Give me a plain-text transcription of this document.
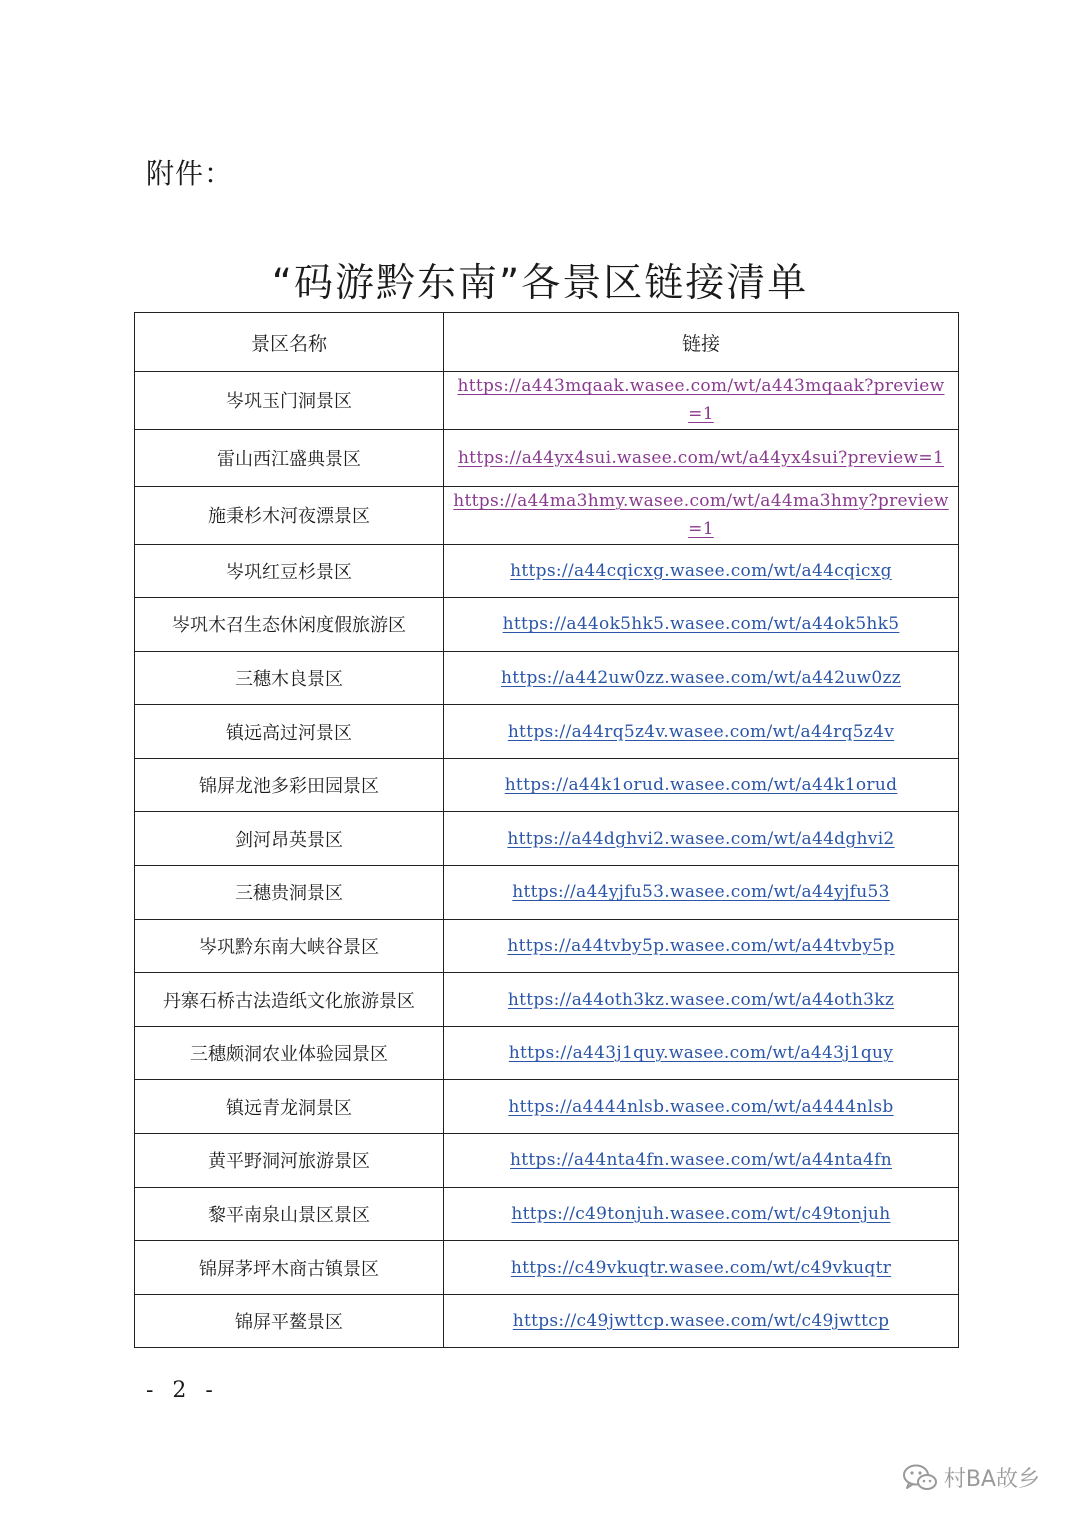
附件：

“码游黔东南”各景区链接清单
景区名称	链接
岑巩玉门洞景区	https://a443mqaak.wasee.com/wt/a443mqaak?preview=1

雷山西江盛典景区	https://a44yx4sui.wasee.com/wt/a44yx4sui?preview=1

施秉杉木河夜漂景区	https://a44ma3hmy.wasee.com/wt/a44ma3hmy?preview=1

岑巩红豆杉景区	https://a44cqicxg.wasee.com/wt/a44cqicxg
岑巩木召生态休闲度假旅游区	https://a44ok5hk5.wasee.com/wt/a44ok5hk5
三穗木良景区	https://a442uw0zz.wasee.com/wt/a442uw0zz
镇远高过河景区	https://a44rq5z4v.wasee.com/wt/a44rq5z4v
锦屏龙池多彩田园景区	https://a44k1orud.wasee.com/wt/a44k1orud
剑河昂英景区	https://a44dghvi2.wasee.com/wt/a44dghvi2
三穗贵洞景区	https://a44yjfu53.wasee.com/wt/a44yjfu53
岑巩黔东南大峡谷景区	https://a44tvby5p.wasee.com/wt/a44tvby5p
丹寨石桥古法造纸文化旅游景区	https://a44oth3kz.wasee.com/wt/a44oth3kz
三穗颇洞农业体验园景区	https://a443j1quy.wasee.com/wt/a443j1quy
镇远青龙洞景区	https://a4444nlsb.wasee.com/wt/a4444nlsb
黄平野洞河旅游景区	https://a44nta4fn.wasee.com/wt/a44nta4fn
黎平南泉山景区景区	https://c49tonjuh.wasee.com/wt/c49tonjuh
锦屏茅坪木商古镇景区	https://c49vkuqtr.wasee.com/wt/c49vkuqtr
锦屏平鳌景区	https://c49jwttcp.wasee.com/wt/c49jwttcp
- 2 -
村BA故乡
